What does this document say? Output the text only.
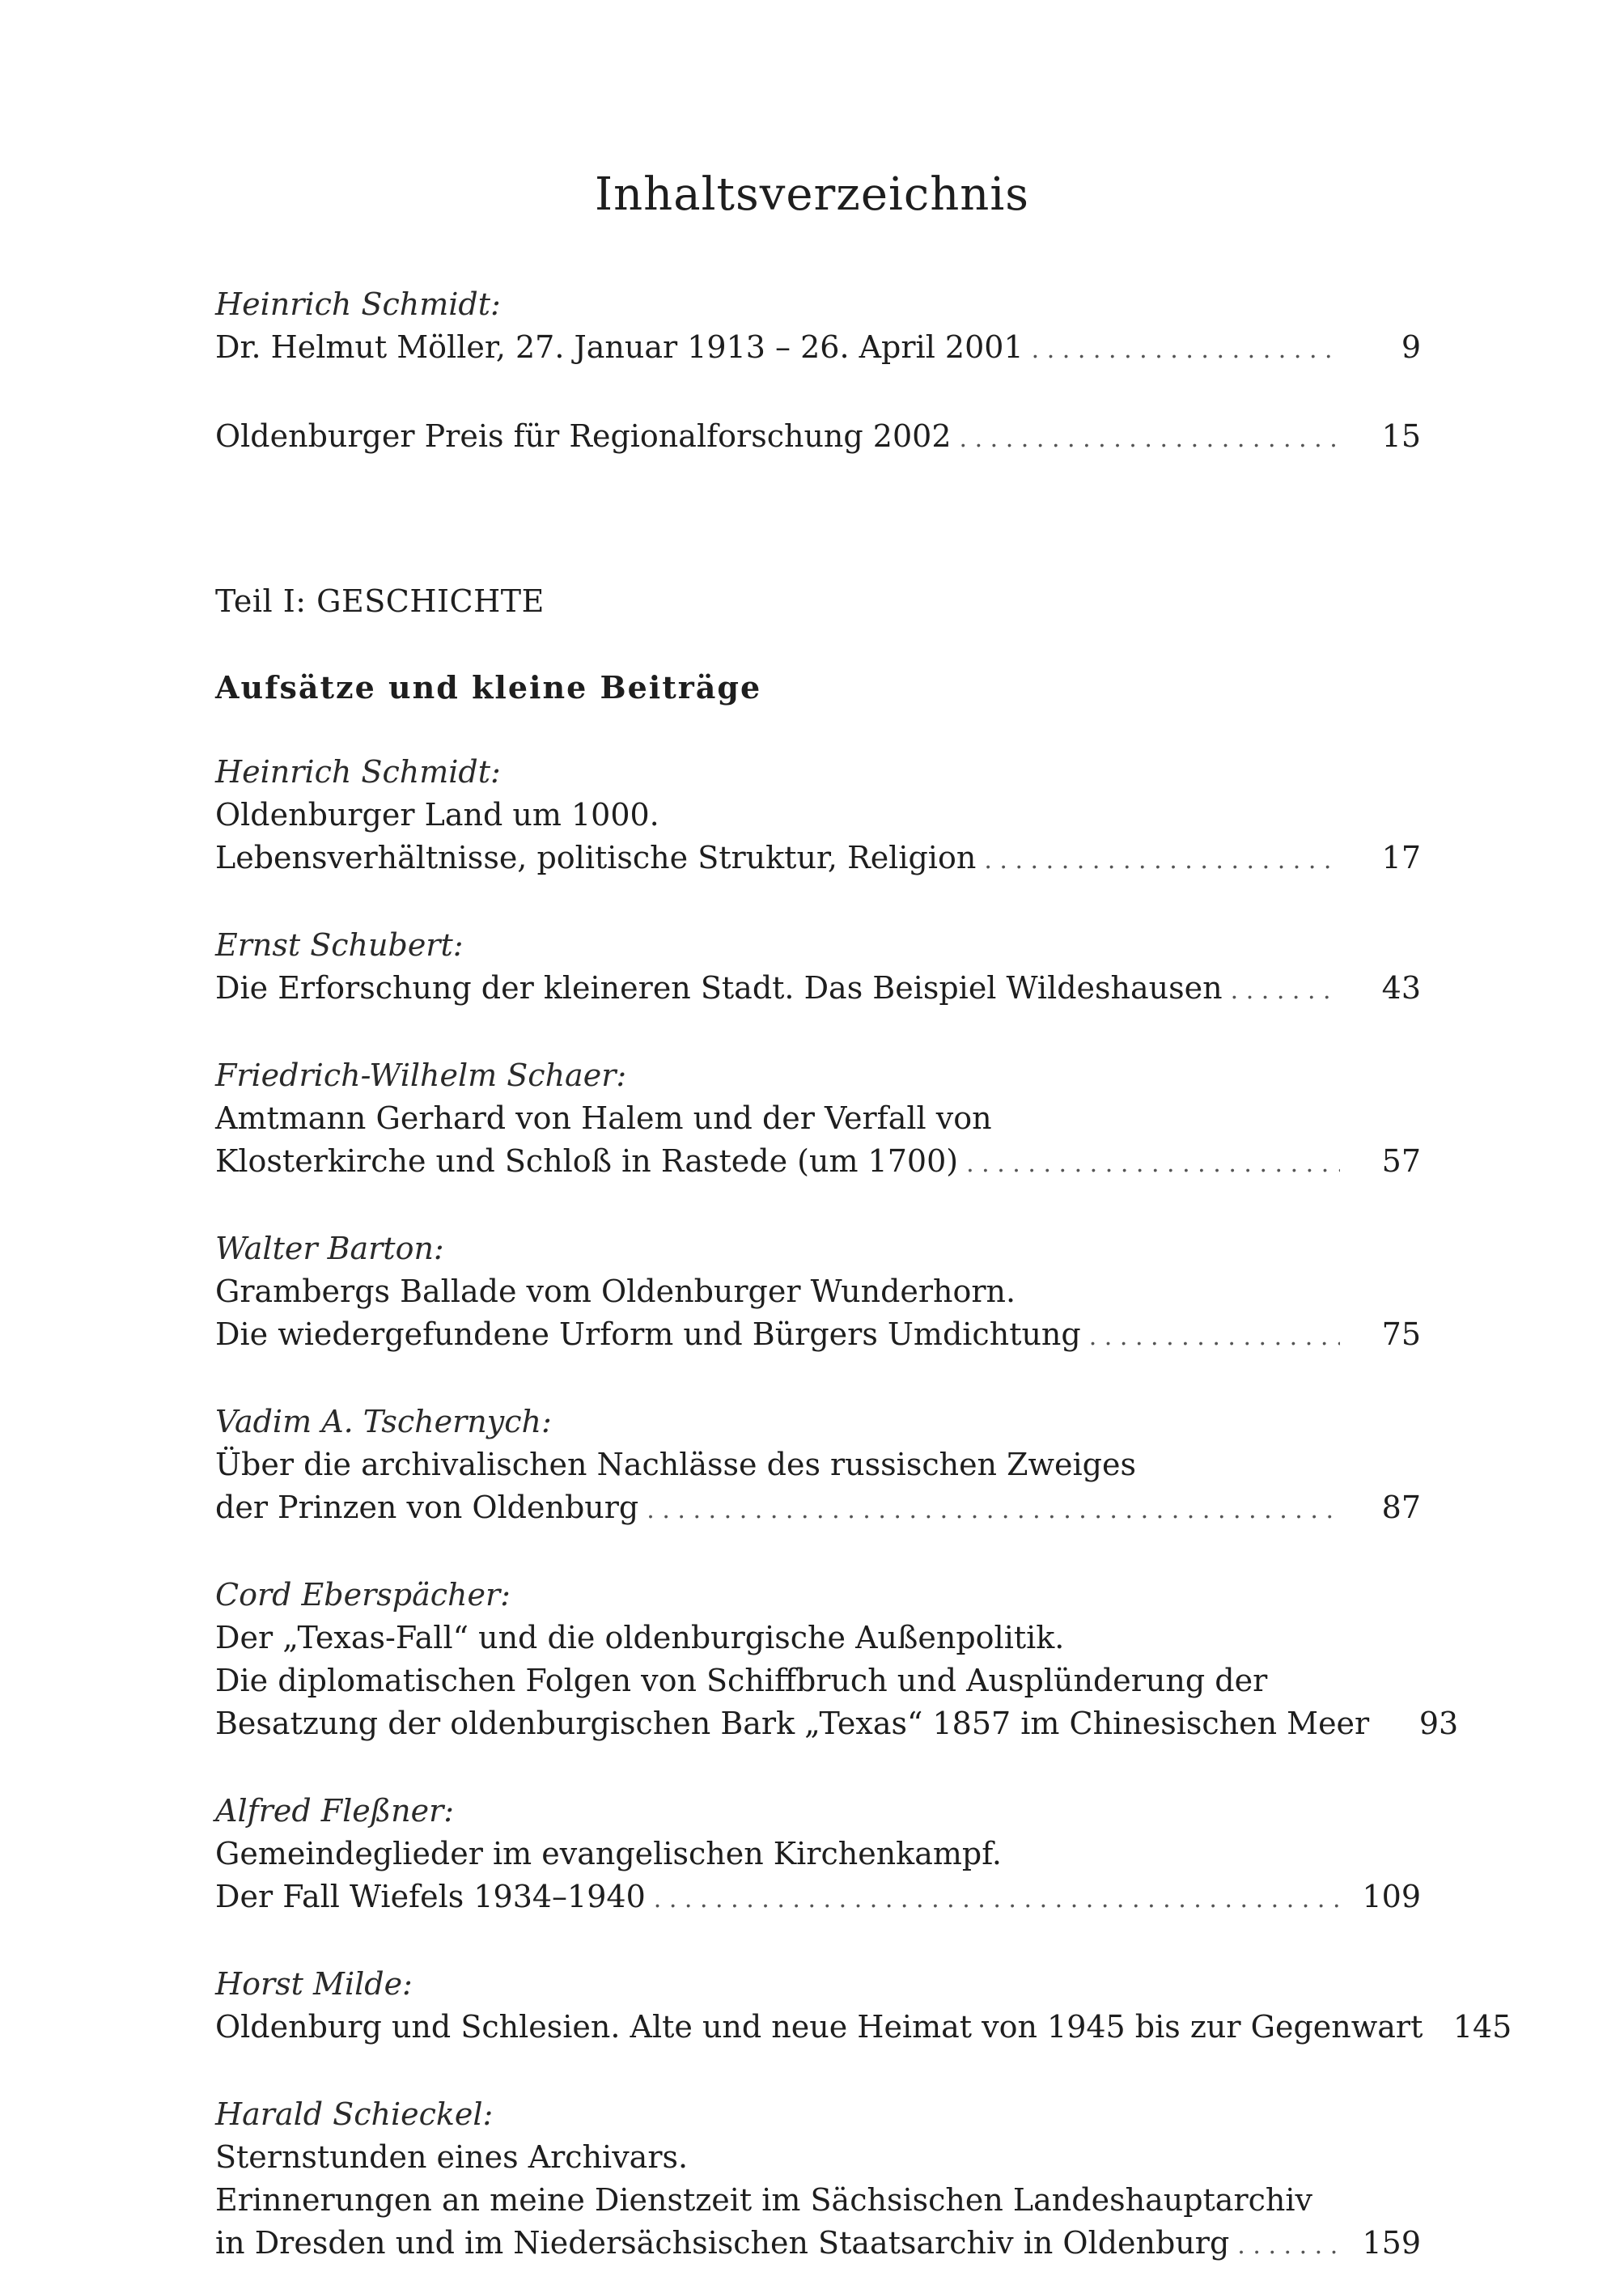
Inhaltsverzeichnis
Heinrich Schmidt:
Dr. Helmut Möller, 27. Januar 1913 – 26. April 2001 . . .	9
Oldenburger Preis für Regionalforschung 2002 . . .	15
Teil I: GESCHICHTE
Aufsätze und kleine Beiträge
Heinrich Schmidt:
Oldenburger Land um 1000.
Lebensverhältnisse, politische Struktur, Religion . . .	17
Ernst Schubert:
Die Erforschung der kleineren Stadt. Das Beispiel Wildeshausen . . .	43
Friedrich-Wilhelm Schaer:
Amtmann Gerhard von Halem und der Verfall von
Klosterkirche und Schloß in Rastede (um 1700) . . .	57
Walter Barton:
Grambergs Ballade vom Oldenburger Wunderhorn.
Die wiedergefundene Urform und Bürgers Umdichtung . . .	75
Vadim A. Tschernych:
Über die archivalischen Nachlässe des russischen Zweiges
der Prinzen von Oldenburg . . .	87
Cord Eberspächer:
Der „Texas-Fall“ und die oldenburgische Außenpolitik.
Die diplomatischen Folgen von Schiffbruch und Ausplünderung der
Besatzung der oldenburgischen Bark „Texas“ 1857 im Chinesischen Meer	93
Alfred Fleßner:
Gemeindeglieder im evangelischen Kirchenkampf.
Der Fall Wiefels 1934–1940 . . .	109
Horst Milde:
Oldenburg und Schlesien. Alte und neue Heimat von 1945 bis zur Gegenwart 145
Harald Schieckel:
Sternstunden eines Archivars.
Erinnerungen an meine Dienstzeit im Sächsischen Landeshauptarchiv
in Dresden und im Niedersächsischen Staatsarchiv in Oldenburg . . .	159
